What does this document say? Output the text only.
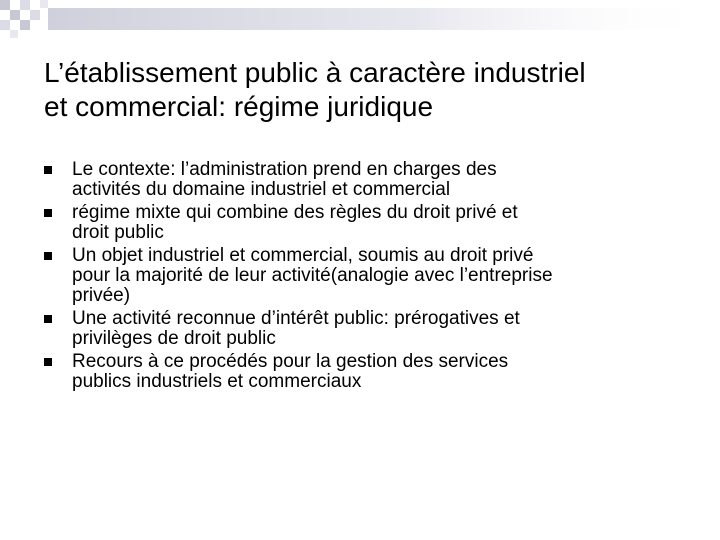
L’établissement public à caractère industriel
et commercial: régime juridique
Le contexte: l’administration prend en charges des
activités du domaine industriel et commercial
régime mixte qui combine des règles du droit privé et
droit public
Un objet industriel et commercial, soumis au droit privé
pour la majorité de leur activité(analogie avec l’entreprise
privée)
Une activité reconnue d’intérêt public: prérogatives et
privilèges de droit public
Recours à ce procédés pour la gestion des services
publics industriels et commerciaux
